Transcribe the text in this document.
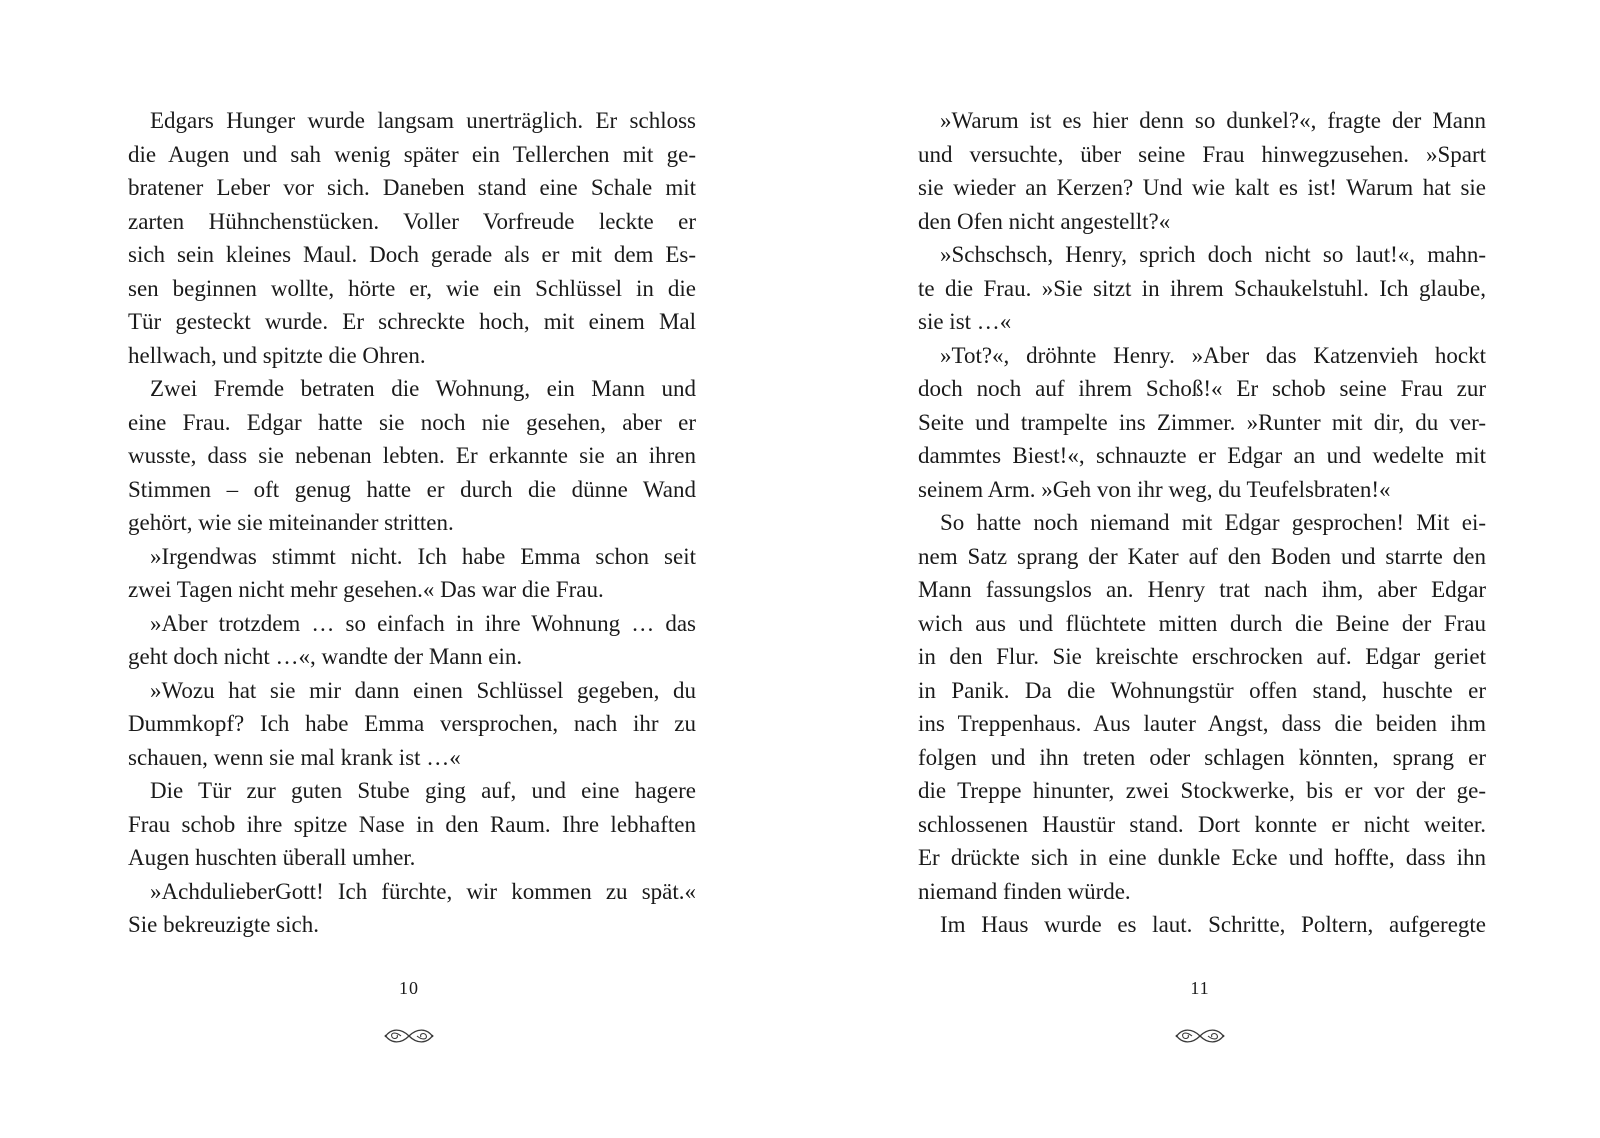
Edgars Hunger wurde langsam unerträglich. Er schloss
die Augen und sah wenig später ein Tellerchen mit ge-
bratener Leber vor sich. Daneben stand eine Schale mit
zarten Hühnchenstücken. Voller Vorfreude leckte er
sich sein kleines Maul. Doch gerade als er mit dem Es-
sen beginnen wollte, hörte er, wie ein Schlüssel in die
Tür gesteckt wurde. Er schreckte hoch, mit einem Mal
hellwach, und spitzte die Ohren.
Zwei Fremde betraten die Wohnung, ein Mann und
eine Frau. Edgar hatte sie noch nie gesehen, aber er
wusste, dass sie nebenan lebten. Er erkannte sie an ihren
Stimmen – oft genug hatte er durch die dünne Wand
gehört, wie sie miteinander stritten.
»Irgendwas stimmt nicht. Ich habe Emma schon seit
zwei Tagen nicht mehr gesehen.« Das war die Frau.
»Aber trotzdem … so einfach in ihre Wohnung … das
geht doch nicht …«, wandte der Mann ein.
»Wozu hat sie mir dann einen Schlüssel gegeben, du
Dummkopf? Ich habe Emma versprochen, nach ihr zu
schauen, wenn sie mal krank ist …«
Die Tür zur guten Stube ging auf, und eine hagere
Frau schob ihre spitze Nase in den Raum. Ihre lebhaften
Augen huschten überall umher.
»AchdulieberGott! Ich fürchte, wir kommen zu spät.«
Sie bekreuzigte sich.
»Warum ist es hier denn so dunkel?«, fragte der Mann
und versuchte, über seine Frau hinwegzusehen. »Spart
sie wieder an Kerzen? Und wie kalt es ist! Warum hat sie
den Ofen nicht angestellt?«
»Schschsch, Henry, sprich doch nicht so laut!«, mahn-
te die Frau. »Sie sitzt in ihrem Schaukelstuhl. Ich glaube,
sie ist …«
»Tot?«, dröhnte Henry. »Aber das Katzenvieh hockt
doch noch auf ihrem Schoß!« Er schob seine Frau zur
Seite und trampelte ins Zimmer. »Runter mit dir, du ver-
dammtes Biest!«, schnauzte er Edgar an und wedelte mit
seinem Arm. »Geh von ihr weg, du Teufelsbraten!«
So hatte noch niemand mit Edgar gesprochen! Mit ei-
nem Satz sprang der Kater auf den Boden und starrte den
Mann fassungslos an. Henry trat nach ihm, aber Edgar
wich aus und flüchtete mitten durch die Beine der Frau
in den Flur. Sie kreischte erschrocken auf. Edgar geriet
in Panik. Da die Wohnungstür offen stand, huschte er
ins Treppenhaus. Aus lauter Angst, dass die beiden ihm
folgen und ihn treten oder schlagen könnten, sprang er
die Treppe hinunter, zwei Stockwerke, bis er vor der ge-
schlossenen Haustür stand. Dort konnte er nicht weiter.
Er drückte sich in eine dunkle Ecke und hoffte, dass ihn
niemand finden würde.
Im Haus wurde es laut. Schritte, Poltern, aufgeregte
10	11
